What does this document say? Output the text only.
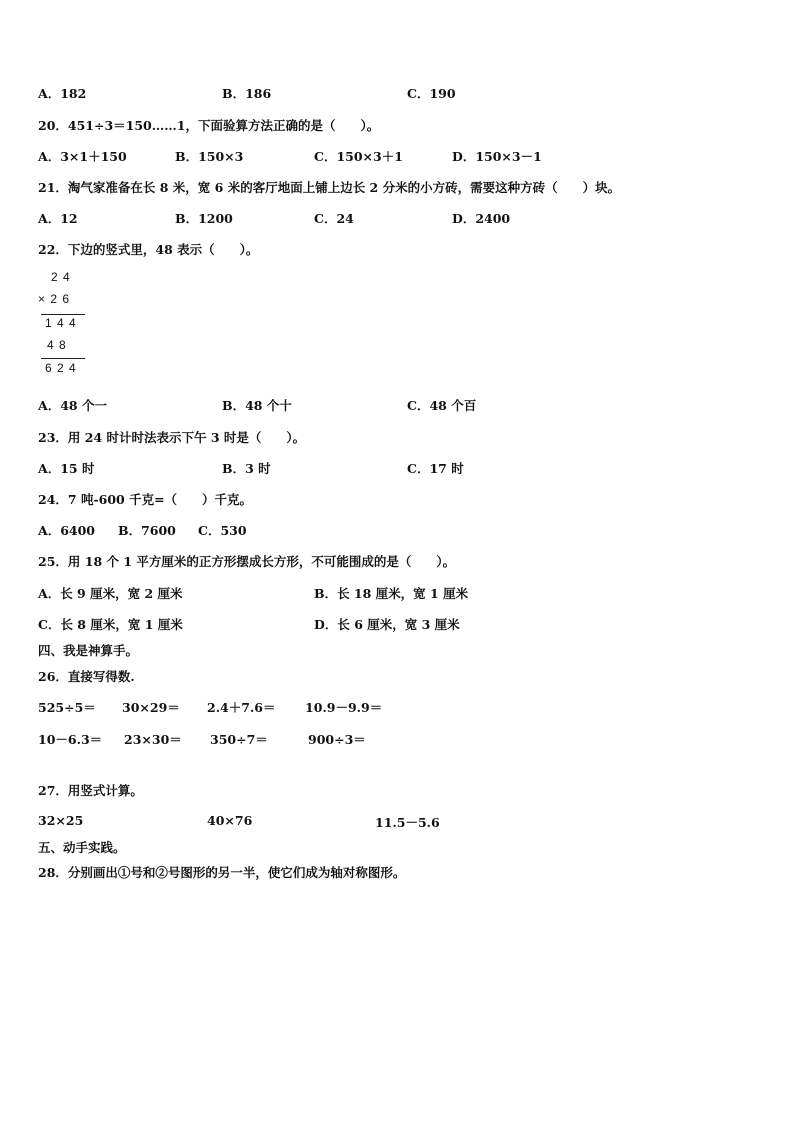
A．182	B．186	C．190
20．451÷3＝150……1，下面验算方法正确的是（　　）。
A．3×1＋150	B．150×3	C．150×3＋1	D．150×3－1
21．淘气家准备在长 8 米，宽 6 米的客厅地面上铺上边长 2 分米的小方砖，需要这种方砖（　　）块。
A．12	B．1200	C．24	D．2400
22．下边的竖式里，48 表示（　　）。
2 4
× 2 6
1 4 4
4 8
6 2 4
A．48 个一	B．48 个十	C．48 个百
23．用 24 时计时法表示下午 3 时是（　　）。
A．15 时	B．3 时	C．17 时
24．7 吨-600 千克=（　　）千克。
A．6400 B．7600 C．530
25．用 18 个 1 平方厘米的正方形摆成长方形，不可能围成的是（　　）。
A．长 9 厘米，宽 2 厘米	B．长 18 厘米，宽 1 厘米
C．长 8 厘米，宽 1 厘米	D．长 6 厘米，宽 3 厘米
四、我是神算手。
26．直接写得数.
525÷5＝ 30×29＝ 2.4＋7.6＝ 10.9－9.9＝
10－6.3＝ 23×30＝ 350÷7＝	900÷3＝
27．用竖式计算。
32×25	40×76	11.5－5.6
五、动手实践。
28．分别画出①号和②号图形的另一半，使它们成为轴对称图形。
